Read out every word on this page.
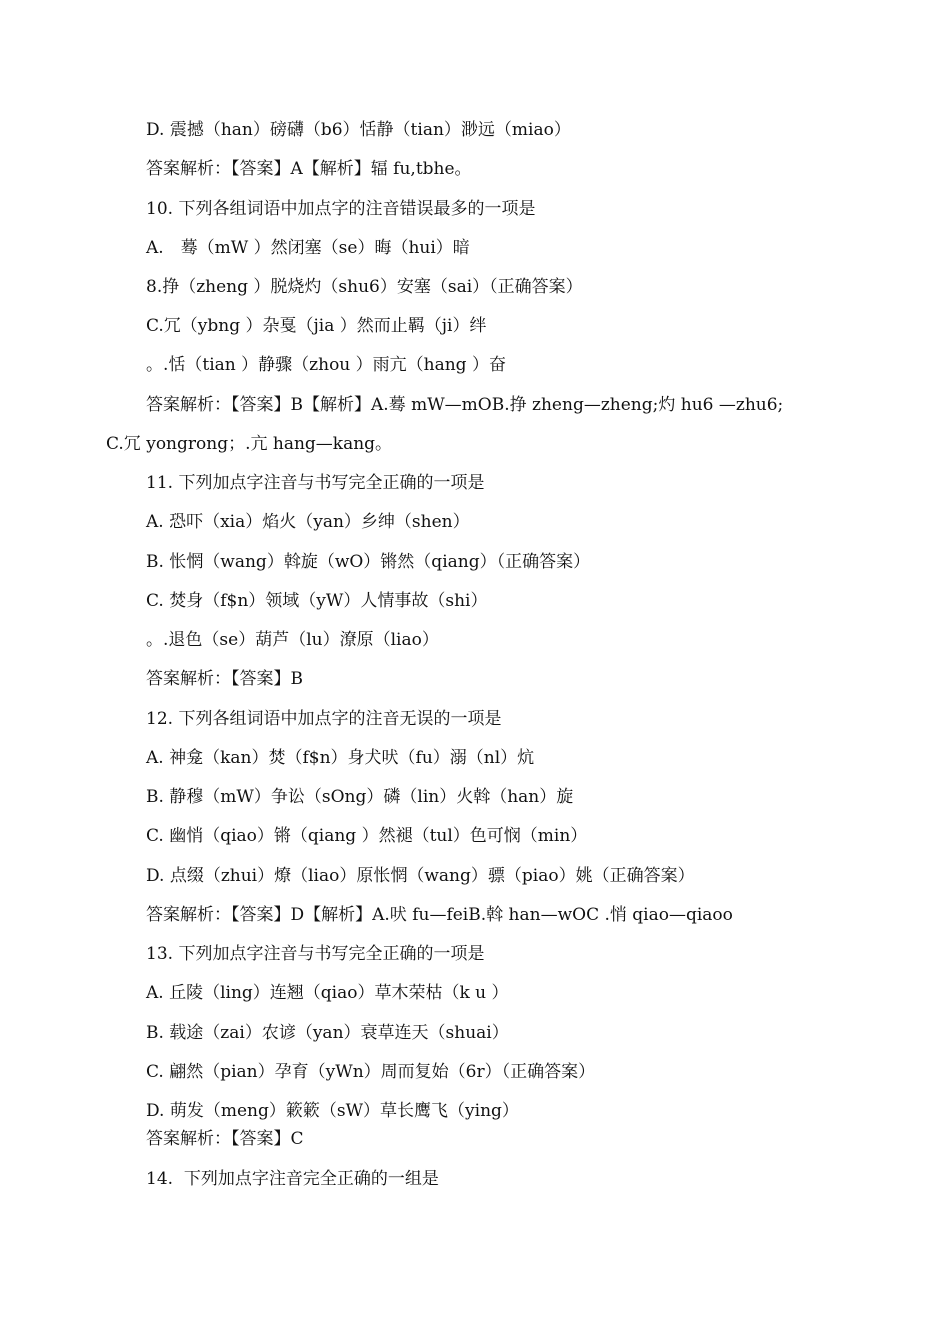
D. 震撼（han）磅礴（b6）恬静（tian）渺远（miao）
答案解析：【答案】A【解析】辐 fu,tbhe。
10. 下列各组词语中加点字的注音错误最多的一项是
A.　蓦（mW ）然闭塞（se）晦（hui）暗
8.挣（zheng ）脱烧灼（shu6）安塞（sai）（正确答案）
C.冗（ybng ）杂戛（jia ）然而止羁（ji）绊
。.恬（tian ）静骤（zhou ）雨亢（hang ）奋
答案解析：【答案】B【解析】A.蓦 mW—mOB.挣 zheng—zheng;灼 hu6 —zhu6;
C.冗 yongrong；.亢 hang—kang。
11. 下列加点字注音与书写完全正确的一项是
A. 恐吓（xia）焰火（yan）乡绅（shen）
B. 怅惘（wang）斡旋（wO）锵然（qiang）（正确答案）
C. 焚身（f$n）领域（yW）人情事故（shi）
。.退色（se）葫芦（lu）潦原（liao）
答案解析：【答案】B
12. 下列各组词语中加点字的注音无误的一项是
A. 神龛（kan）焚（f$n）身犬吠（fu）溺（nl）炕
B. 静穆（mW）争讼（sOng）磷（lin）火斡（han）旋
C. 幽悄（qiao）锵（qiang ）然褪（tul）色可悯（min）
D. 点缀（zhui）燎（liao）原怅惘（wang）骠（piao）姚（正确答案）
答案解析：【答案】D【解析】A.吠 fu—feiB.斡 han—wOC .悄 qiao—qiaoo
13. 下列加点字注音与书写完全正确的一项是
A. 丘陵（ling）连翘（qiao）草木荣枯（k u ）
B. 载途（zai）农谚（yan）衰草连天（shuai）
C. 翩然（pian）孕育（yWn）周而复始（6r）（正确答案）
D. 萌发（meng）簌簌（sW）草长鹰飞（ying）
答案解析：【答案】C
14.  下列加点字注音完全正确的一组是
